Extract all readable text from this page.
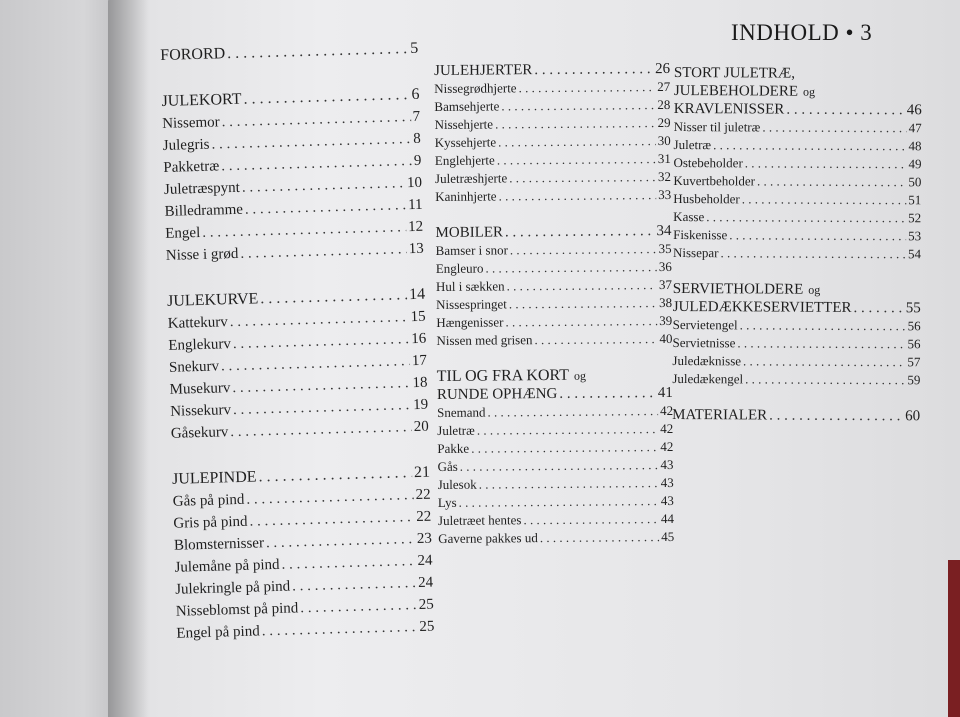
INDHOLD • 3
FORORD . . .	5
JULEKORT . . .	6
Nissemor . . .	7
Julegris . . .	8
Pakketræ . . .	9
Juletræspynt . . .	10
Billedramme . . .	11
Engel . . .	12
Nisse i grød . . .	13
JULEKURVE . . .	14
Kattekurv . . .	15
Englekurv . . .	16
Snekurv . . .	17
Musekurv . . .	18
Nissekurv . . .	19
Gåsekurv . . .	20
JULEPINDE . . .	21
Gås på pind . . .	22
Gris på pind . . .	22
Blomsternisser . . .	23
Julemåne på pind . . .	24
Julekringle på pind . . .	24
Nisseblomst på pind . . .	25
Engel på pind . . .	25
JULEHJERTER . . .	26
Nissegrødhjerte . . .	27
Bamsehjerte . . .	28
Nissehjerte . . .	29
Kyssehjerte . . .	30
Englehjerte . . .	31
Juletræshjerte . . .	32
Kaninhjerte . . .	33
MOBILER . . .	34
Bamser i snor . . .	35
Engleuro . . .	36
Hul i sækken . . .	37
Nissespringet . . .	38
Hængenisser . . .	39
Nissen med grisen . . .	40
TIL OG FRA KORT og
RUNDE OPHÆNG . . .	41
Snemand . . .	42
Juletræ . . .	42
Pakke . . .	42
Gås . . .	43
Julesok . . .	43
Lys . . .	43
Juletræet hentes . . .	44
Gaverne pakkes ud . . .	45
STORT JULETRÆ,
JULEBEHOLDERE og
KRAVLENISSER . . .	46
Nisser til juletræ . . .	47
Juletræ . . .	48
Ostebeholder . . .	49
Kuvertbeholder . . .	50
Husbeholder . . .	51
Kasse . . .	52
Fiskenisse . . .	53
Nissepar . . .	54
SERVIETHOLDERE og
JULEDÆKKESERVIETTER . . .	55
Servietengel . . .	56
Servietnisse . . .	56
Juledæknisse . . .	57
Juledækengel . . .	59
MATERIALER . . .	60
